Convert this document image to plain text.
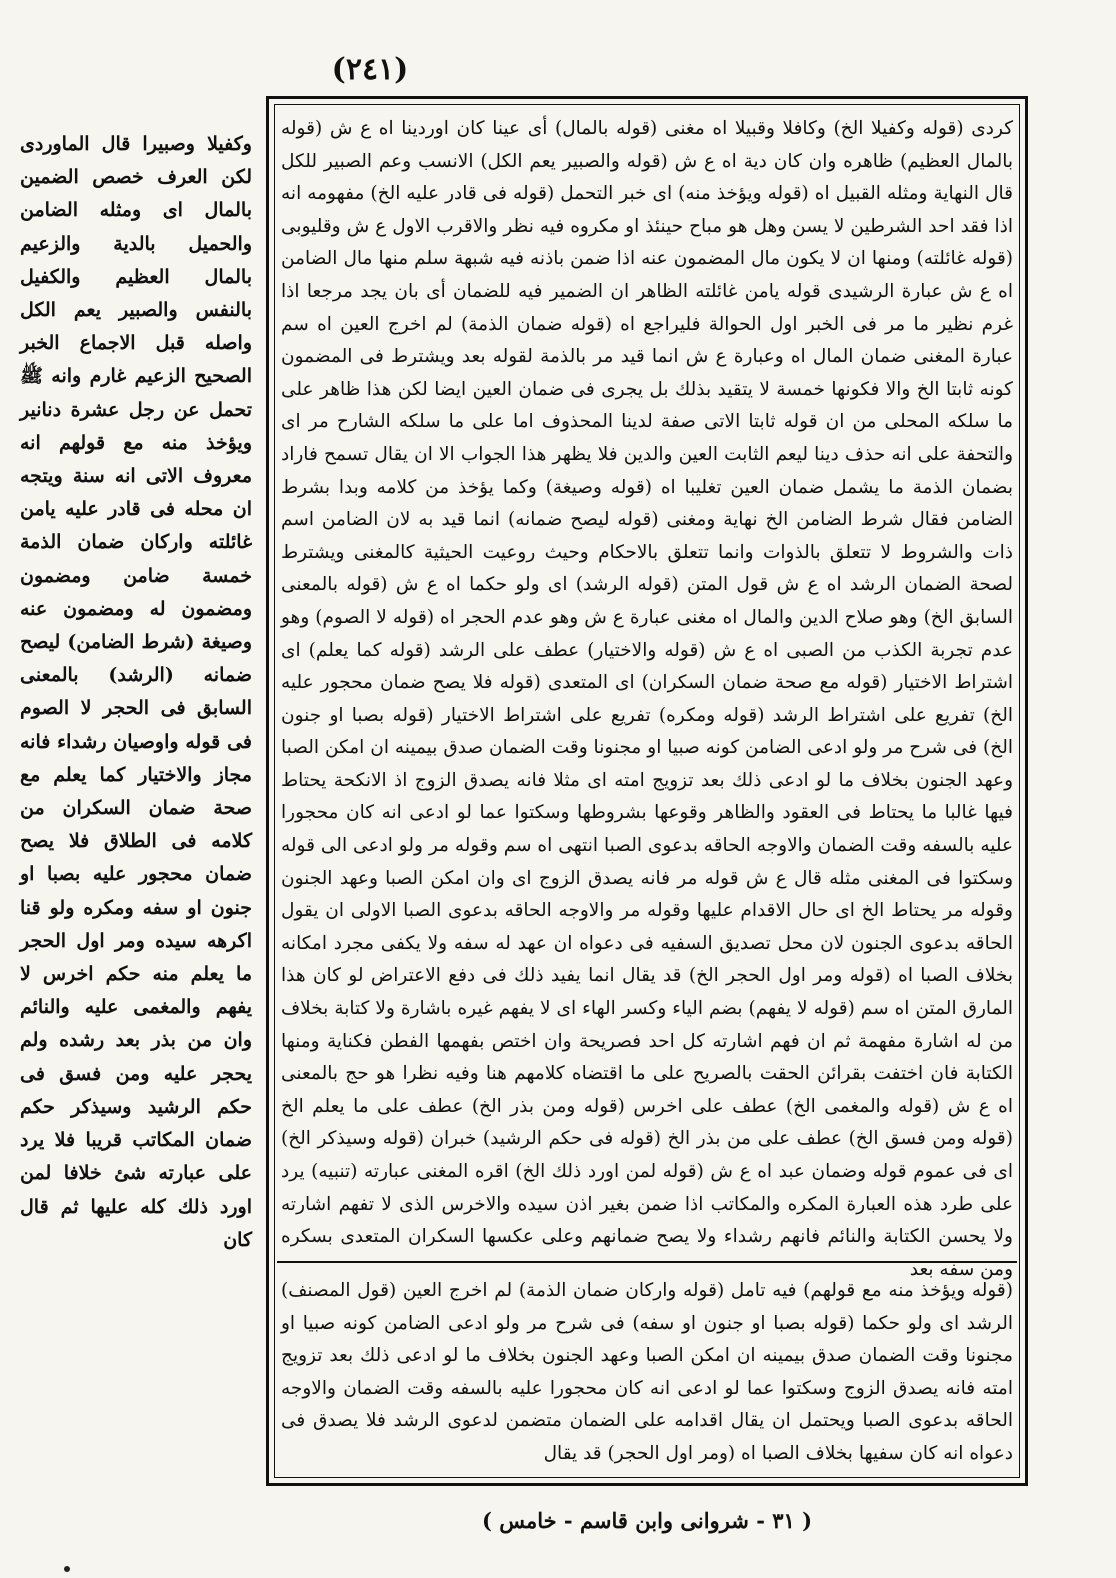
(٢٤١)
كردى (قوله وكفيلا الخ) وكافلا وقبيلا اه مغنى (قوله بالمال) أى عينا كان اوردينا اه ع ش (قوله بالمال العظيم) ظاهره وان كان دية اه ع ش (قوله والصبير يعم الكل) الانسب وعم الصبير للكل قال النهاية ومثله القبيل اه (قوله ويؤخذ منه) اى خبر التحمل (قوله فى قادر عليه الخ) مفهومه انه اذا فقد احد الشرطين لا يسن وهل هو مباح حينئذ او مكروه فيه نظر والاقرب الاول ع ش وقليوبى (قوله غائلته) ومنها ان لا يكون مال المضمون عنه اذا ضمن باذنه فيه شبهة سلم منها مال الضامن اه ع ش عبارة الرشيدى قوله يامن غائلته الظاهر ان الضمير فيه للضمان أى بان يجد مرجعا اذا غرم نظير ما مر فى الخبر اول الحوالة فليراجع اه (قوله ضمان الذمة) لم اخرج العين اه سم عبارة المغنى ضمان المال اه وعبارة ع ش انما قيد مر بالذمة لقوله بعد ويشترط فى المضمون كونه ثابتا الخ والا فكونها خمسة لا يتقيد بذلك بل يجرى فى ضمان العين ايضا لكن هذا ظاهر على ما سلكه المحلى من ان قوله ثابتا الاتى صفة لدينا المحذوف اما على ما سلكه الشارح مر اى والتحفة على انه حذف دينا ليعم الثابت العين والدين فلا يظهر هذا الجواب الا ان يقال تسمح فاراد بضمان الذمة ما يشمل ضمان العين تغليبا اه (قوله وصيغة) وكما يؤخذ من كلامه وبدا بشرط الضامن فقال شرط الضامن الخ نهاية ومغنى (قوله ليصح ضمانه) انما قيد به لان الضامن اسم ذات والشروط لا تتعلق بالذوات وانما تتعلق بالاحكام وحيث روعيت الحيثية كالمغنى ويشترط لصحة الضمان الرشد اه ع ش قول المتن (قوله الرشد) اى ولو حكما اه ع ش (قوله بالمعنى السابق الخ) وهو صلاح الدين والمال اه مغنى عبارة ع ش وهو عدم الحجر اه (قوله لا الصوم) وهو عدم تجربة الكذب من الصبى اه ع ش (قوله والاختيار) عطف على الرشد (قوله كما يعلم) اى اشتراط الاختيار (قوله مع صحة ضمان السكران) اى المتعدى (قوله فلا يصح ضمان محجور عليه الخ) تفريع على اشتراط الرشد (قوله ومكره) تفريع على اشتراط الاختيار (قوله بصبا او جنون الخ) فى شرح مر ولو ادعى الضامن كونه صبيا او مجنونا وقت الضمان صدق بيمينه ان امكن الصبا وعهد الجنون بخلاف ما لو ادعى ذلك بعد تزويج امته اى مثلا فانه يصدق الزوج اذ الانكحة يحتاط فيها غالبا ما يحتاط فى العقود والظاهر وقوعها بشروطها وسكتوا عما لو ادعى انه كان محجورا عليه بالسفه وقت الضمان والاوجه الحاقه بدعوى الصبا انتهى اه سم وقوله مر ولو ادعى الى قوله وسكتوا فى المغنى مثله قال ع ش قوله مر فانه يصدق الزوج اى وان امكن الصبا وعهد الجنون وقوله مر يحتاط الخ اى حال الاقدام عليها وقوله مر والاوجه الحاقه بدعوى الصبا الاولى ان يقول الحاقه بدعوى الجنون لان محل تصديق السفيه فى دعواه ان عهد له سفه ولا يكفى مجرد امكانه بخلاف الصبا اه (قوله ومر اول الحجر الخ) قد يقال انما يفيد ذلك فى دفع الاعتراض لو كان هذا المارق المتن اه سم (قوله لا يفهم) بضم الياء وكسر الهاء اى لا يفهم غيره باشارة ولا كتابة بخلاف من له اشارة مفهمة ثم ان فهم اشارته كل احد فصريحة وان اختص بفهمها الفطن فكناية ومنها الكتابة فان اختفت بقرائن الحقت بالصريح على ما اقتضاه كلامهم هنا وفيه نظرا هو حج بالمعنى اه ع ش (قوله والمغمى الخ) عطف على اخرس (قوله ومن بذر الخ) عطف على ما يعلم الخ (قوله ومن فسق الخ) عطف على من بذر الخ (قوله فى حكم الرشيد) خبران (قوله وسيذكر الخ) اى فى عموم قوله وضمان عبد اه ع ش (قوله لمن اورد ذلك الخ) اقره المغنى عبارته (تنبيه) يرد على طرد هذه العبارة المكره والمكاتب اذا ضمن بغير اذن سيده والاخرس الذى لا تفهم اشارته ولا يحسن الكتابة والنائم فانهم رشداء ولا يصح ضمانهم وعلى عكسها السكران المتعدى بسكره ومن سفه بعد
(قوله ويؤخذ منه مع قولهم) فيه تامل (قوله واركان ضمان الذمة) لم اخرج العين (قول المصنف) الرشد اى ولو حكما (قوله بصبا او جنون او سفه) فى شرح مر ولو ادعى الضامن كونه صبيا او مجنونا وقت الضمان صدق بيمينه ان امكن الصبا وعهد الجنون بخلاف ما لو ادعى ذلك بعد تزويج امته فانه يصدق الزوج وسكتوا عما لو ادعى انه كان محجورا عليه بالسفه وقت الضمان والاوجه الحاقه بدعوى الصبا ويحتمل ان يقال اقدامه على الضمان متضمن لدعوى الرشد فلا يصدق فى دعواه انه كان سفيها بخلاف الصبا اه (ومر اول الحجر) قد يقال
وكفيلا وصبيرا قال الماوردى لكن العرف خصص الضمين بالمال اى ومثله الضامن والحميل بالدية والزعيم بالمال العظيم والكفيل بالنفس والصبير يعم الكل واصله قبل الاجماع الخبر الصحيح الزعيم غارم وانه ﷺ تحمل عن رجل عشرة دنانير ويؤخذ منه مع قولهم انه معروف الاتى انه سنة ويتجه ان محله فى قادر عليه يامن غائلته واركان ضمان الذمة خمسة ضامن ومضمون ومضمون له ومضمون عنه وصيغة (شرط الضامن) ليصح ضمانه (الرشد) بالمعنى السابق فى الحجر لا الصوم فى قوله واوصيان رشداء فانه مجاز والاختيار كما يعلم مع صحة ضمان السكران من كلامه فى الطلاق فلا يصح ضمان محجور عليه بصبا او جنون او سفه ومكره ولو قنا اكرهه سيده ومر اول الحجر ما يعلم منه حكم اخرس لا يفهم والمغمى عليه والنائم وان من بذر بعد رشده ولم يحجر عليه ومن فسق فى حكم الرشيد وسيذكر حكم ضمان المكاتب قريبا فلا يرد على عبارته شئ خلافا لمن اورد ذلك كله عليها ثم قال كان
( ٣١ - شروانى وابن قاسم - خامس )
